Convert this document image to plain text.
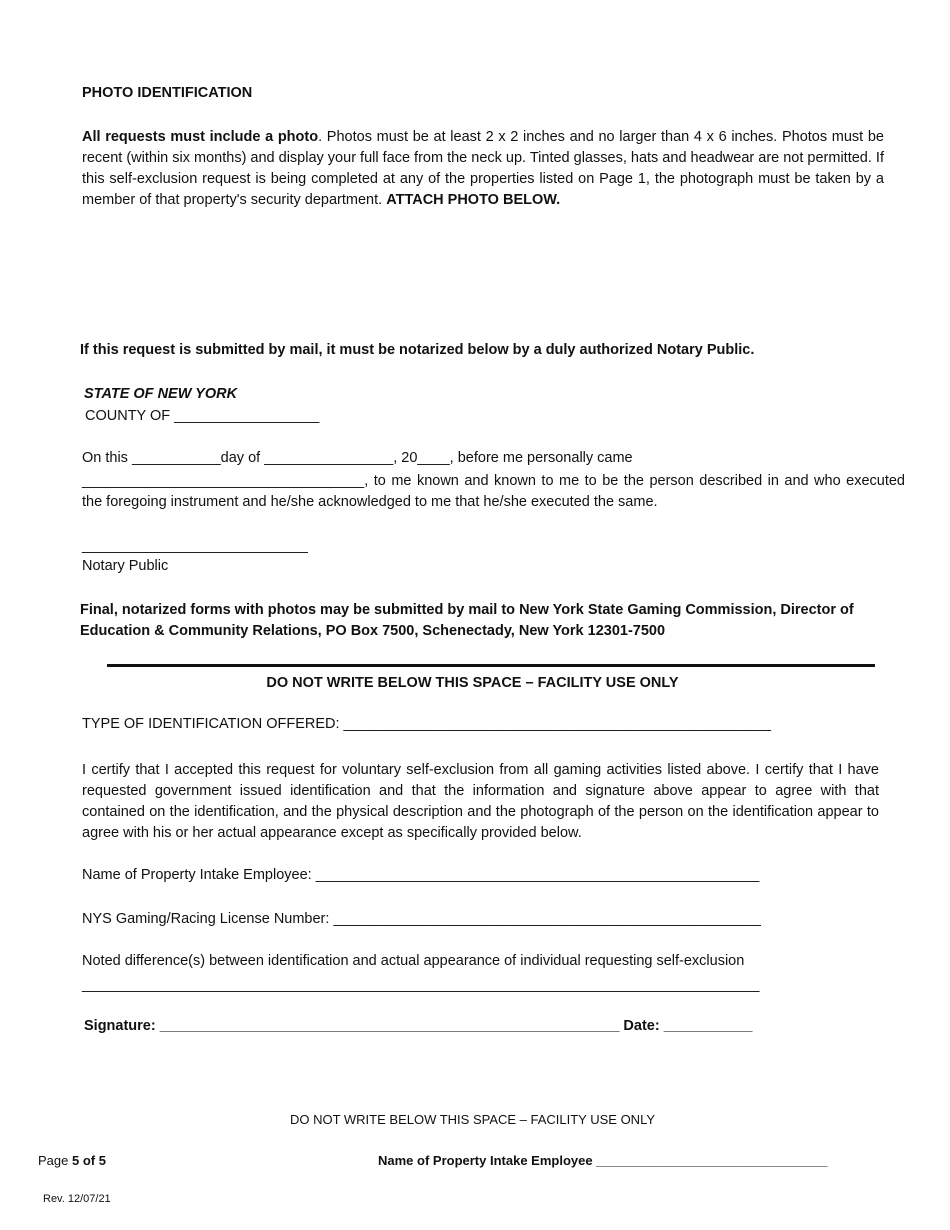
PHOTO IDENTIFICATION
All requests must include a photo. Photos must be at least 2 x 2 inches and no larger than 4 x 6 inches. Photos must be recent (within six months) and display your full face from the neck up. Tinted glasses, hats and headwear are not permitted. If this self-exclusion request is being completed at any of the properties listed on Page 1, the photograph must be taken by a member of that property's security department. ATTACH PHOTO BELOW.
If this request is submitted by mail, it must be notarized below by a duly authorized Notary Public.
STATE OF NEW YORK
COUNTY OF __________________
On this ___________day of ________________, 20____, before me personally came
___________________________________, to me known and known to me to be the person described in and who executed the foregoing instrument and he/she acknowledged to me that he/she executed the same.
____________________________
Notary Public
Final, notarized forms with photos may be submitted by mail to New York State Gaming Commission, Director of Education & Community Relations, PO Box 7500, Schenectady, New York 12301-7500
DO NOT WRITE BELOW THIS SPACE – FACILITY USE ONLY
TYPE OF IDENTIFICATION OFFERED: _____________________________________________________
I certify that I accepted this request for voluntary self-exclusion from all gaming activities listed above. I certify that I have requested government issued identification and that the information and signature above appear to agree with that contained on the identification, and the physical description and the photograph of the person on the identification appear to agree with his or her actual appearance except as specifically provided below.
Name of Property Intake Employee: _______________________________________________________
NYS Gaming/Racing License Number: _____________________________________________________
Noted difference(s) between identification and actual appearance of individual requesting self-exclusion
____________________________________________________________________________________
Signature: _________________________________________________________ Date: ___________
DO NOT WRITE BELOW THIS SPACE – FACILITY USE ONLY
Page 5 of 5	Name of Property Intake Employee ________________________________
Rev. 12/07/21
